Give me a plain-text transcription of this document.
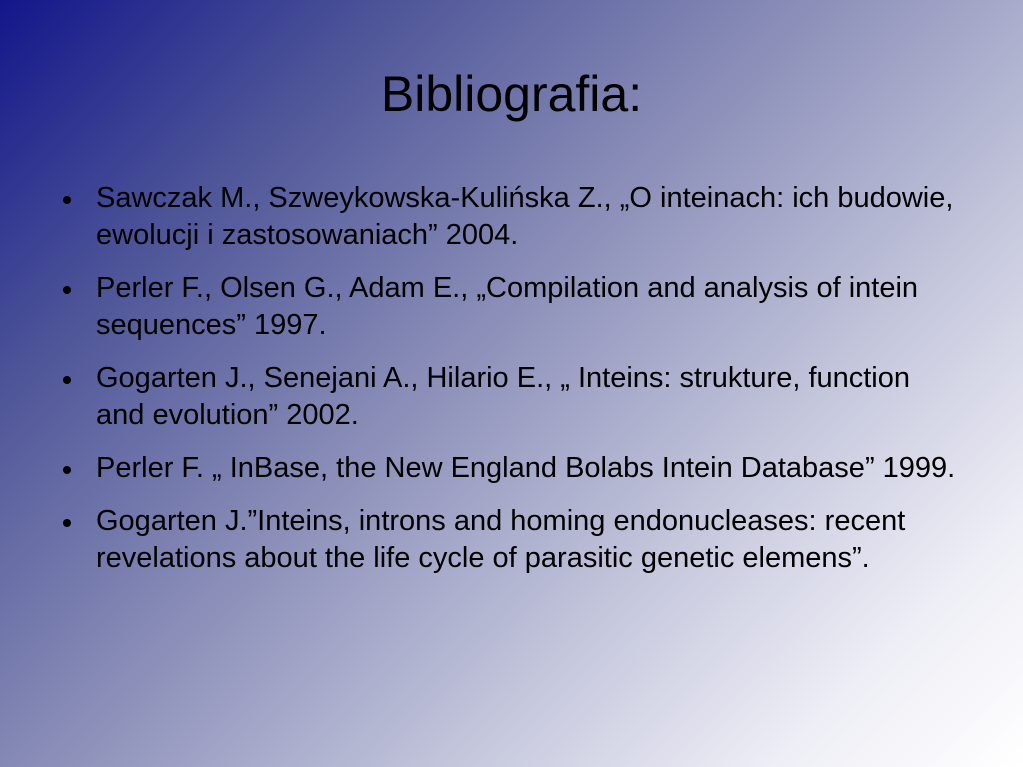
Bibliografia:
Sawczak M., Szweykowska-Kulińska Z., „O inteinach: ich budowie, ewolucji i zastosowaniach” 2004.
Perler F., Olsen G., Adam E., „Compilation and analysis of intein sequences” 1997.
Gogarten J., Senejani A., Hilario E., „ Inteins: strukture, function and evolution” 2002.
Perler F. „ InBase, the New England Bolabs Intein Database” 1999.
Gogarten J.”Inteins, introns and homing endonucleases: recent revelations about the life cycle of parasitic genetic elemens”.
